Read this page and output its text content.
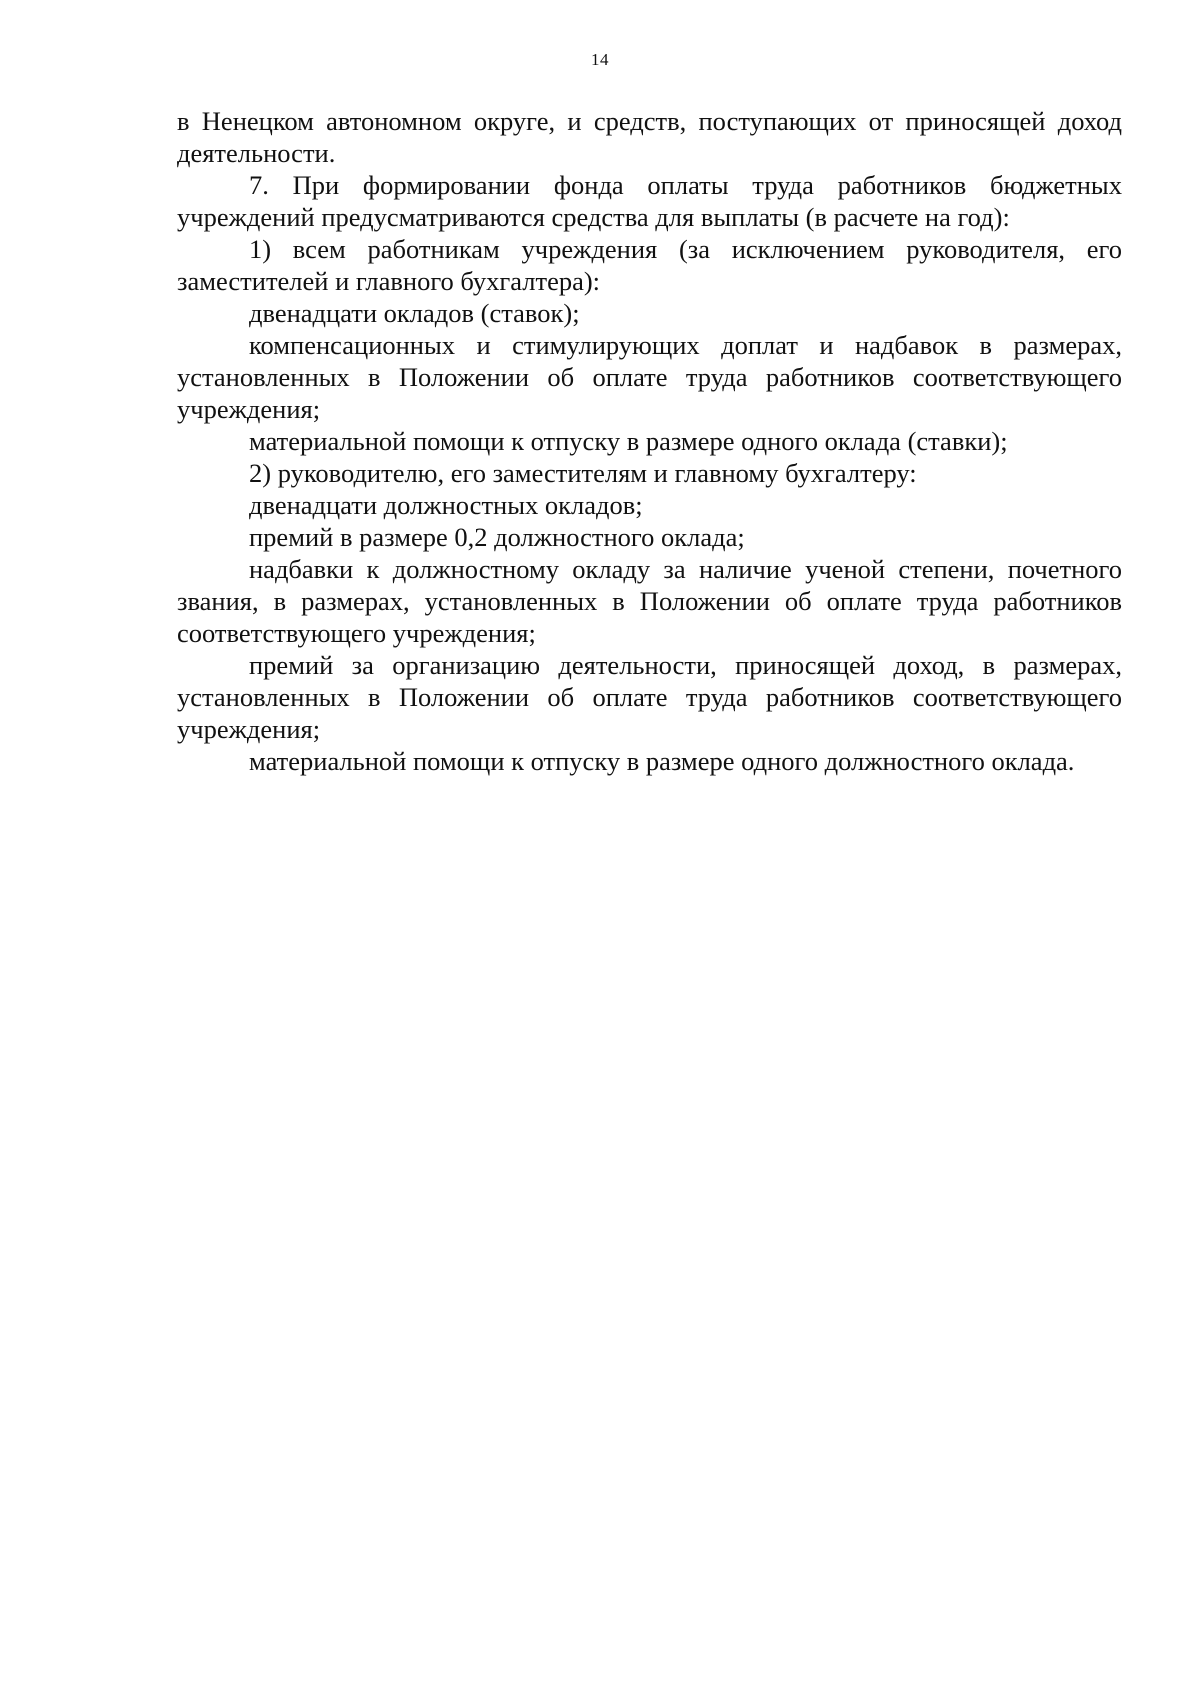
14

в Ненецком автономном округе, и средств, поступающих от приносящей доход деятельности.

7. При формировании фонда оплаты труда работников бюджетных учреждений предусматриваются средства для выплаты (в расчете на год):

1) всем работникам учреждения (за исключением руководителя, его заместителей и главного бухгалтера):

двенадцати окладов (ставок);

компенсационных и стимулирующих доплат и надбавок в размерах, установленных в Положении об оплате труда работников соответствующего учреждения;

материальной помощи к отпуску в размере одного оклада (ставки);

2) руководителю, его заместителям и главному бухгалтеру:

двенадцати должностных окладов;

премий в размере 0,2 должностного оклада;

надбавки к должностному окладу за наличие ученой степени, почетного звания, в размерах, установленных в Положении об оплате труда работников соответствующего учреждения;

премий за организацию деятельности, приносящей доход, в размерах, установленных в Положении об оплате труда работников соответствующего учреждения;

материальной помощи к отпуску в размере одного должностного оклада.
